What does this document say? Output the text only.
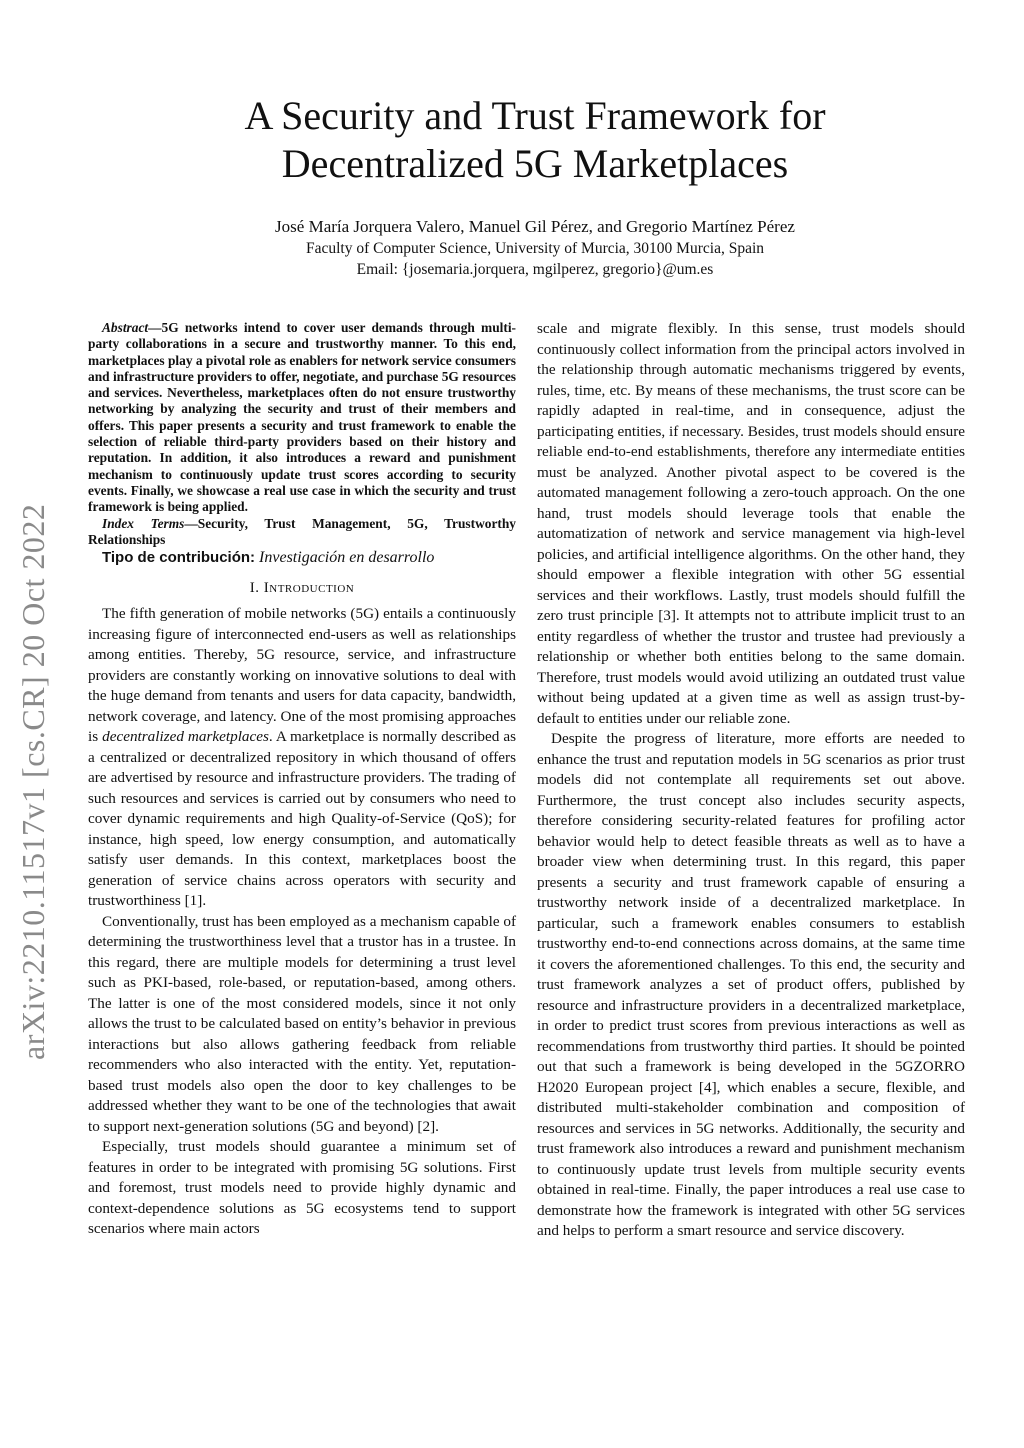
arXiv:2210.11517v1 [cs.CR] 20 Oct 2022
A Security and Trust Framework for
Decentralized 5G Marketplaces
José María Jorquera Valero, Manuel Gil Pérez, and Gregorio Martínez Pérez
Faculty of Computer Science, University of Murcia, 30100 Murcia, Spain
Email: {josemaria.jorquera, mgilperez, gregorio}@um.es

Abstract—5G networks intend to cover user demands through multi-party collaborations in a secure and trustworthy manner. To this end, marketplaces play a pivotal role as enablers for network service consumers and infrastructure providers to offer, negotiate, and purchase 5G resources and services. Nevertheless, marketplaces often do not ensure trustworthy networking by analyzing the security and trust of their members and offers. This paper presents a security and trust framework to enable the selection of reliable third-party providers based on their history and reputation. In addition, it also introduces a reward and punishment mechanism to continuously update trust scores according to security events. Finally, we showcase a real use case in which the security and trust framework is being applied.

Index Terms—Security, Trust Management, 5G, Trustworthy Relationships

Tipo de contribución: Investigación en desarrollo

I. Introduction

The fifth generation of mobile networks (5G) entails a continuously increasing figure of interconnected end-users as well as relationships among entities. Thereby, 5G resource, service, and infrastructure providers are constantly working on innovative solutions to deal with the huge demand from tenants and users for data capacity, bandwidth, network coverage, and latency. One of the most promising approaches is decentralized marketplaces. A marketplace is normally described as a centralized or decentralized repository in which thousand of offers are advertised by resource and infrastructure providers. The trading of such resources and services is carried out by consumers who need to cover dynamic requirements and high Quality-of-Service (QoS); for instance, high speed, low energy consumption, and automatically satisfy user demands. In this context, marketplaces boost the generation of service chains across operators with security and trustworthiness [1].

Conventionally, trust has been employed as a mechanism capable of determining the trustworthiness level that a trustor has in a trustee. In this regard, there are multiple models for determining a trust level such as PKI-based, role-based, or reputation-based, among others. The latter is one of the most considered models, since it not only allows the trust to be calculated based on entity’s behavior in previous interactions but also allows gathering feedback from reliable recommenders who also interacted with the entity. Yet, reputation-based trust models also open the door to key challenges to be addressed whether they want to be one of the technologies that await to support next-generation solutions (5G and beyond) [2].

Especially, trust models should guarantee a minimum set of features in order to be integrated with promising 5G solutions. First and foremost, trust models need to provide highly dynamic and context-dependence solutions as 5G ecosystems tend to support scenarios where main actors

scale and migrate flexibly. In this sense, trust models should continuously collect information from the principal actors involved in the relationship through automatic mechanisms triggered by events, rules, time, etc. By means of these mechanisms, the trust score can be rapidly adapted in real-time, and in consequence, adjust the participating entities, if necessary. Besides, trust models should ensure reliable end-to-end establishments, therefore any intermediate entities must be analyzed. Another pivotal aspect to be covered is the automated management following a zero-touch approach. On the one hand, trust models should leverage tools that enable the automatization of network and service management via high-level policies, and artificial intelligence algorithms. On the other hand, they should empower a flexible integration with other 5G essential services and their workflows. Lastly, trust models should fulfill the zero trust principle [3]. It attempts not to attribute implicit trust to an entity regardless of whether the trustor and trustee had previously a relationship or whether both entities belong to the same domain. Therefore, trust models would avoid utilizing an outdated trust value without being updated at a given time as well as assign trust-by-default to entities under our reliable zone.

Despite the progress of literature, more efforts are needed to enhance the trust and reputation models in 5G scenarios as prior trust models did not contemplate all requirements set out above. Furthermore, the trust concept also includes security aspects, therefore considering security-related features for profiling actor behavior would help to detect feasible threats as well as to have a broader view when determining trust. In this regard, this paper presents a security and trust framework capable of ensuring a trustworthy network inside of a decentralized marketplace. In particular, such a framework enables consumers to establish trustworthy end-to-end connections across domains, at the same time it covers the aforementioned challenges. To this end, the security and trust framework analyzes a set of product offers, published by resource and infrastructure providers in a decentralized marketplace, in order to predict trust scores from previous interactions as well as recommendations from trustworthy third parties. It should be pointed out that such a framework is being developed in the 5GZORRO H2020 European project [4], which enables a secure, flexible, and distributed multi-stakeholder combination and composition of resources and services in 5G networks. Additionally, the security and trust framework also introduces a reward and punishment mechanism to continuously update trust levels from multiple security events obtained in real-time. Finally, the paper introduces a real use case to demonstrate how the framework is integrated with other 5G services and helps to perform a smart resource and service discovery.
